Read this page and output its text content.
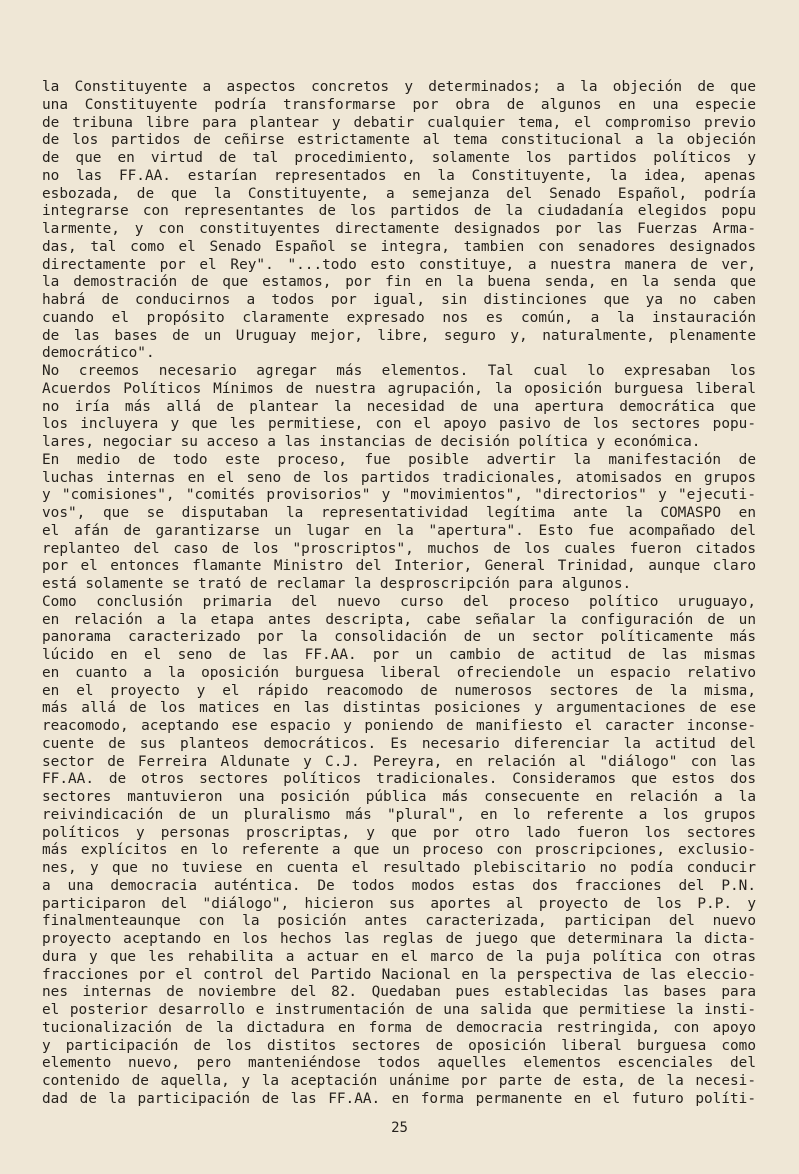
la Constituyente a aspectos concretos y determinados; a la objeción de que
una Constituyente podría transformarse por obra de algunos en una especie
de tribuna libre para plantear y debatir cualquier tema, el compromiso previo
de los partidos de ceñirse estrictamente al tema constitucional a la objeción
de que en virtud de tal procedimiento, solamente los partidos políticos y
no las FF.AA. estarían representados en la Constituyente, la idea, apenas
esbozada, de que la Constituyente, a semejanza del Senado Español, podría
integrarse con representantes de los partidos de la ciudadanía elegidos popu
larmente, y con constituyentes directamente designados por las Fuerzas Arma-
das, tal como el Senado Español se integra, tambien con senadores designados
directamente por el Rey". "...todo esto constituye, a nuestra manera de ver,
la demostración de que estamos, por fin en la buena senda, en la senda que
habrá de conducirnos a todos por igual, sin distinciones que ya no caben
cuando el propósito claramente expresado nos es común, a la instauración
de las bases de un Uruguay mejor, libre, seguro y, naturalmente, plenamente
democrático".
No creemos necesario agregar más elementos. Tal cual lo expresaban los
Acuerdos Políticos Mínimos de nuestra agrupación, la oposición burguesa liberal
no iría más allá de plantear la necesidad de una apertura democrática que
los incluyera y que les permitiese, con el apoyo pasivo de los sectores popu-
lares, negociar su acceso a las instancias de decisión política y económica.
En medio de todo este proceso, fue posible advertir la manifestación de
luchas internas en el seno de los partidos tradicionales, atomisados en grupos
y "comisiones", "comités provisorios" y "movimientos", "directorios" y "ejecuti-
vos", que se disputaban la representatividad legítima ante la COMASPO en
el afán de garantizarse un lugar en la "apertura". Esto fue acompañado del
replanteo del caso de los "proscriptos", muchos de los cuales fueron citados
por el entonces flamante Ministro del Interior, General Trinidad, aunque claro
está solamente se trató de reclamar la desproscripción para algunos.
Como conclusión primaria del nuevo curso del proceso político uruguayo,
en relación a la etapa antes descripta, cabe señalar la configuración de un
panorama caracterizado por la consolidación de un sector políticamente más
lúcido en el seno de las FF.AA. por un cambio de actitud de las mismas
en cuanto a la oposición burguesa liberal ofreciendole un espacio relativo
en el proyecto y el rápido reacomodo de numerosos sectores de la misma,
más allá de los matices en las distintas posiciones y argumentaciones de ese
reacomodo, aceptando ese espacio y poniendo de manifiesto el caracter inconse-
cuente de sus planteos democráticos. Es necesario diferenciar la actitud del
sector de Ferreira Aldunate y C.J. Pereyra, en relación al "diálogo" con las
FF.AA. de otros sectores políticos tradicionales. Consideramos que estos dos
sectores mantuvieron una posición pública más consecuente en relación a la
reivindicación de un pluralismo más "plural", en lo referente a los grupos
políticos y personas proscriptas, y que por otro lado fueron los sectores
más explícitos en lo referente a que un proceso con proscripciones, exclusio-
nes, y que no tuviese en cuenta el resultado plebiscitario no podía conducir
a una democracia auténtica. De todos modos estas dos fracciones del P.N.
participaron del "diálogo", hicieron sus aportes al proyecto de los P.P. y
finalmenteaunque con la posición antes caracterizada, participan del nuevo
proyecto aceptando en los hechos las reglas de juego que determinara la dicta-
dura y que les rehabilita a actuar en el marco de la puja política con otras
fracciones por el control del Partido Nacional en la perspectiva de las eleccio-
nes internas de noviembre del 82. Quedaban pues establecidas las bases para
el posterior desarrollo e instrumentación de una salida que permitiese la insti-
tucionalización de la dictadura en forma de democracia restringida, con apoyo
y participación de los distitos sectores de oposición liberal burguesa como
elemento nuevo, pero manteniéndose todos aquelles elementos escenciales del
contenido de aquella, y la aceptación unánime por parte de esta, de la necesi-
dad de la participación de las FF.AA. en forma permanente en el futuro políti-
25
